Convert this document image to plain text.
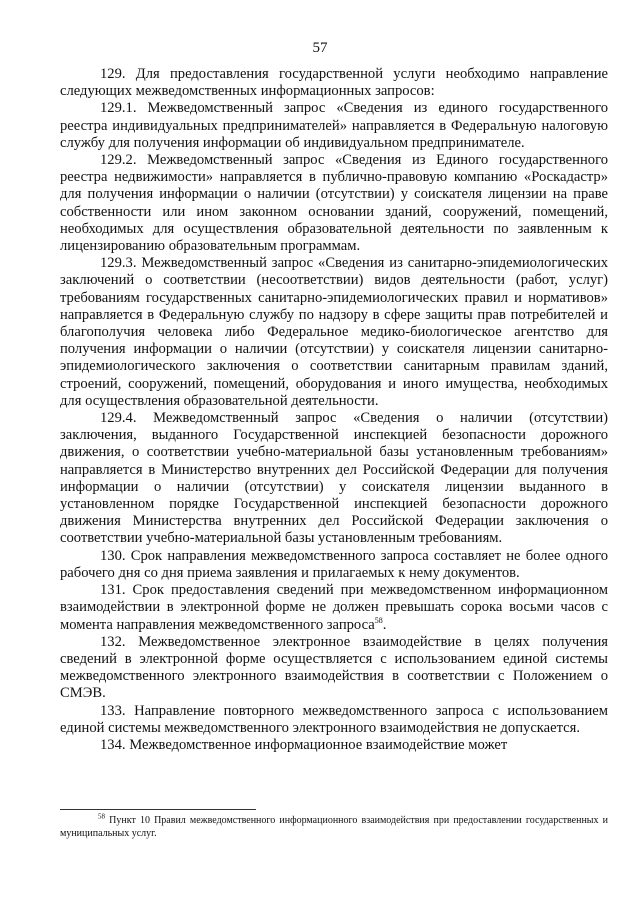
57

129. Для предоставления государственной услуги необходимо направление следующих межведомственных информационных запросов:

129.1. Межведомственный запрос «Сведения из единого государственного реестра индивидуальных предпринимателей» направляется в Федеральную налоговую службу для получения информации об индивидуальном предпринимателе.

129.2. Межведомственный запрос «Сведения из Единого государственного реестра недвижимости» направляется в публично-правовую компанию «Роскадастр» для получения информации о наличии (отсутствии) у соискателя лицензии на праве собственности или ином законном основании зданий, сооружений, помещений, необходимых для осуществления образовательной деятельности по заявленным к лицензированию образовательным программам.

129.3. Межведомственный запрос «Сведения из санитарно-эпидемиологических заключений о соответствии (несоответствии) видов деятельности (работ, услуг) требованиям государственных санитарно-эпидемиологических правил и нормативов» направляется в Федеральную службу по надзору в сфере защиты прав потребителей и благополучия человека либо Федеральное медико-биологическое агентство для получения информации о наличии (отсутствии) у соискателя лицензии санитарно-эпидемиологического заключения о соответствии санитарным правилам зданий, строений, сооружений, помещений, оборудования и иного имущества, необходимых для осуществления образовательной деятельности.

129.4. Межведомственный запрос «Сведения о наличии (отсутствии) заключения, выданного Государственной инспекцией безопасности дорожного движения, о соответствии учебно-материальной базы установленным требованиям» направляется в Министерство внутренних дел Российской Федерации для получения информации о наличии (отсутствии) у соискателя лицензии выданного в установленном порядке Государственной инспекцией безопасности дорожного движения Министерства внутренних дел Российской Федерации заключения о соответствии учебно-материальной базы установленным требованиям.

130. Срок направления межведомственного запроса составляет не более одного рабочего дня со дня приема заявления и прилагаемых к нему документов.

131. Срок предоставления сведений при межведомственном информационном взаимодействии в электронной форме не должен превышать сорока восьми часов с момента направления межведомственного запроса$^{58}$.

132. Межведомственное электронное взаимодействие в целях получения сведений в электронной форме осуществляется с использованием единой системы межведомственного электронного взаимодействия в соответствии с Положением о СМЭВ.

133. Направление повторного межведомственного запроса с использованием единой системы межведомственного электронного взаимодействия не допускается.

134. Межведомственное информационное взаимодействие может

$^{58}$ Пункт 10 Правил межведомственного информационного взаимодействия при предоставлении государственных и муниципальных услуг.
